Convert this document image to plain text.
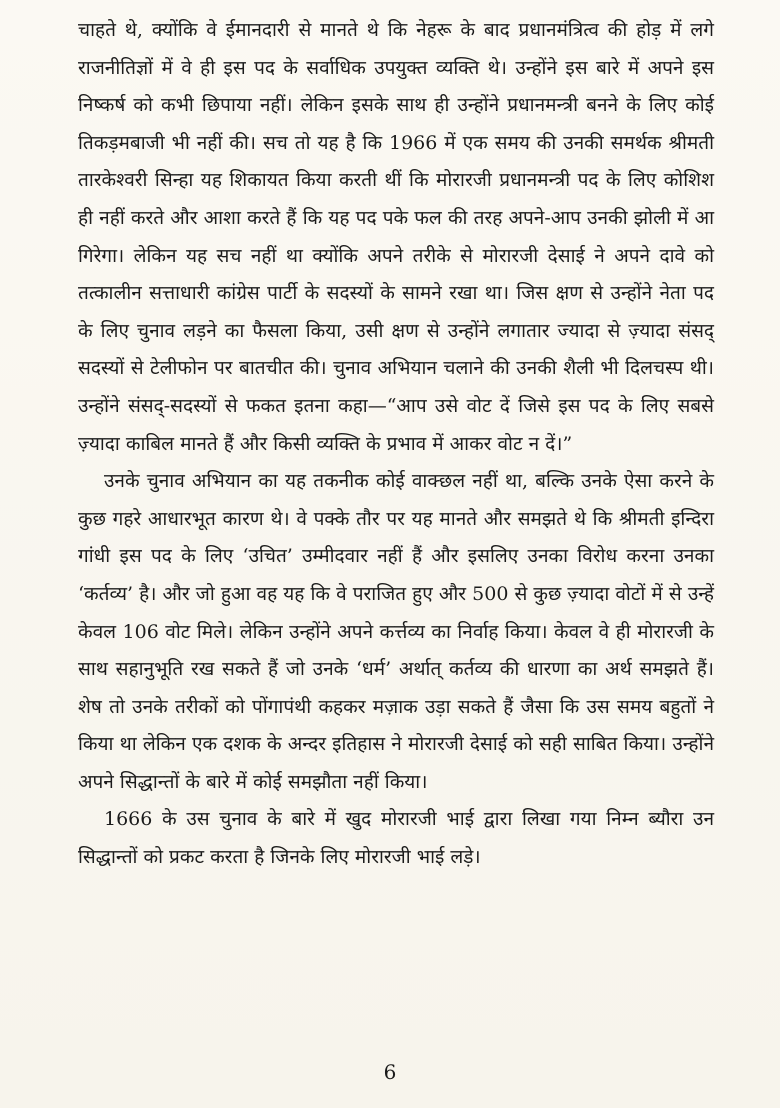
चाहते थे, क्योंकि वे ईमानदारी से मानते थे कि नेहरू के बाद प्रधानमंत्रित्व की होड़ में लगे राजनीतिज्ञों में वे ही इस पद के सर्वाधिक उपयुक्त व्यक्ति थे। उन्होंने इस बारे में अपने इस निष्कर्ष को कभी छिपाया नहीं। लेकिन इसके साथ ही उन्होंने प्रधानमन्त्री बनने के लिए कोई तिकड़मबाजी भी नहीं की। सच तो यह है कि 1966 में एक समय की उनकी समर्थक श्रीमती तारकेश्वरी सिन्हा यह शिकायत किया करती थीं कि मोरारजी प्रधानमन्त्री पद के लिए कोशिश ही नहीं करते और आशा करते हैं कि यह पद पके फल की तरह अपने-आप उनकी झोली में आ गिरेगा। लेकिन यह सच नहीं था क्योंकि अपने तरीके से मोरारजी देसाई ने अपने दावे को तत्कालीन सत्ताधारी कांग्रेस पार्टी के सदस्यों के सामने रखा था। जिस क्षण से उन्होंने नेता पद के लिए चुनाव लड़ने का फैसला किया, उसी क्षण से उन्होंने लगातार ज्यादा से ज़्यादा संसद् सदस्यों से टेलीफोन पर बातचीत की। चुनाव अभियान चलाने की उनकी शैली भी दिलचस्प थी। उन्होंने संसद्-सदस्यों से फकत इतना कहा—“आप उसे वोट दें जिसे इस पद के लिए सबसे ज़्यादा काबिल मानते हैं और किसी व्यक्ति के प्रभाव में आकर वोट न दें।”

उनके चुनाव अभियान का यह तकनीक कोई वाक्छल नहीं था, बल्कि उनके ऐसा करने के कुछ गहरे आधारभूत कारण थे। वे पक्के तौर पर यह मानते और समझते थे कि श्रीमती इन्दिरा गांधी इस पद के लिए ‘उचित’ उम्मीदवार नहीं हैं और इसलिए उनका विरोध करना उनका ‘कर्तव्य’ है। और जो हुआ वह यह कि वे पराजित हुए और 500 से कुछ ज़्यादा वोटों में से उन्हें केवल 106 वोट मिले। लेकिन उन्होंने अपने कर्त्तव्य का निर्वाह किया। केवल वे ही मोरारजी के साथ सहानुभूति रख सकते हैं जो उनके ‘धर्म’ अर्थात् कर्तव्य की धारणा का अर्थ समझते हैं। शेष तो उनके तरीकों को पोंगापंथी कहकर मज़ाक उड़ा सकते हैं जैसा कि उस समय बहुतों ने किया था लेकिन एक दशक के अन्दर इतिहास ने मोरारजी देसाई को सही साबित किया। उन्होंने अपने सिद्धान्तों के बारे में कोई समझौता नहीं किया।

1666 के उस चुनाव के बारे में खुद मोरारजी भाई द्वारा लिखा गया निम्न ब्यौरा उन सिद्धान्तों को प्रकट करता है जिनके लिए मोरारजी भाई लड़े।

6
